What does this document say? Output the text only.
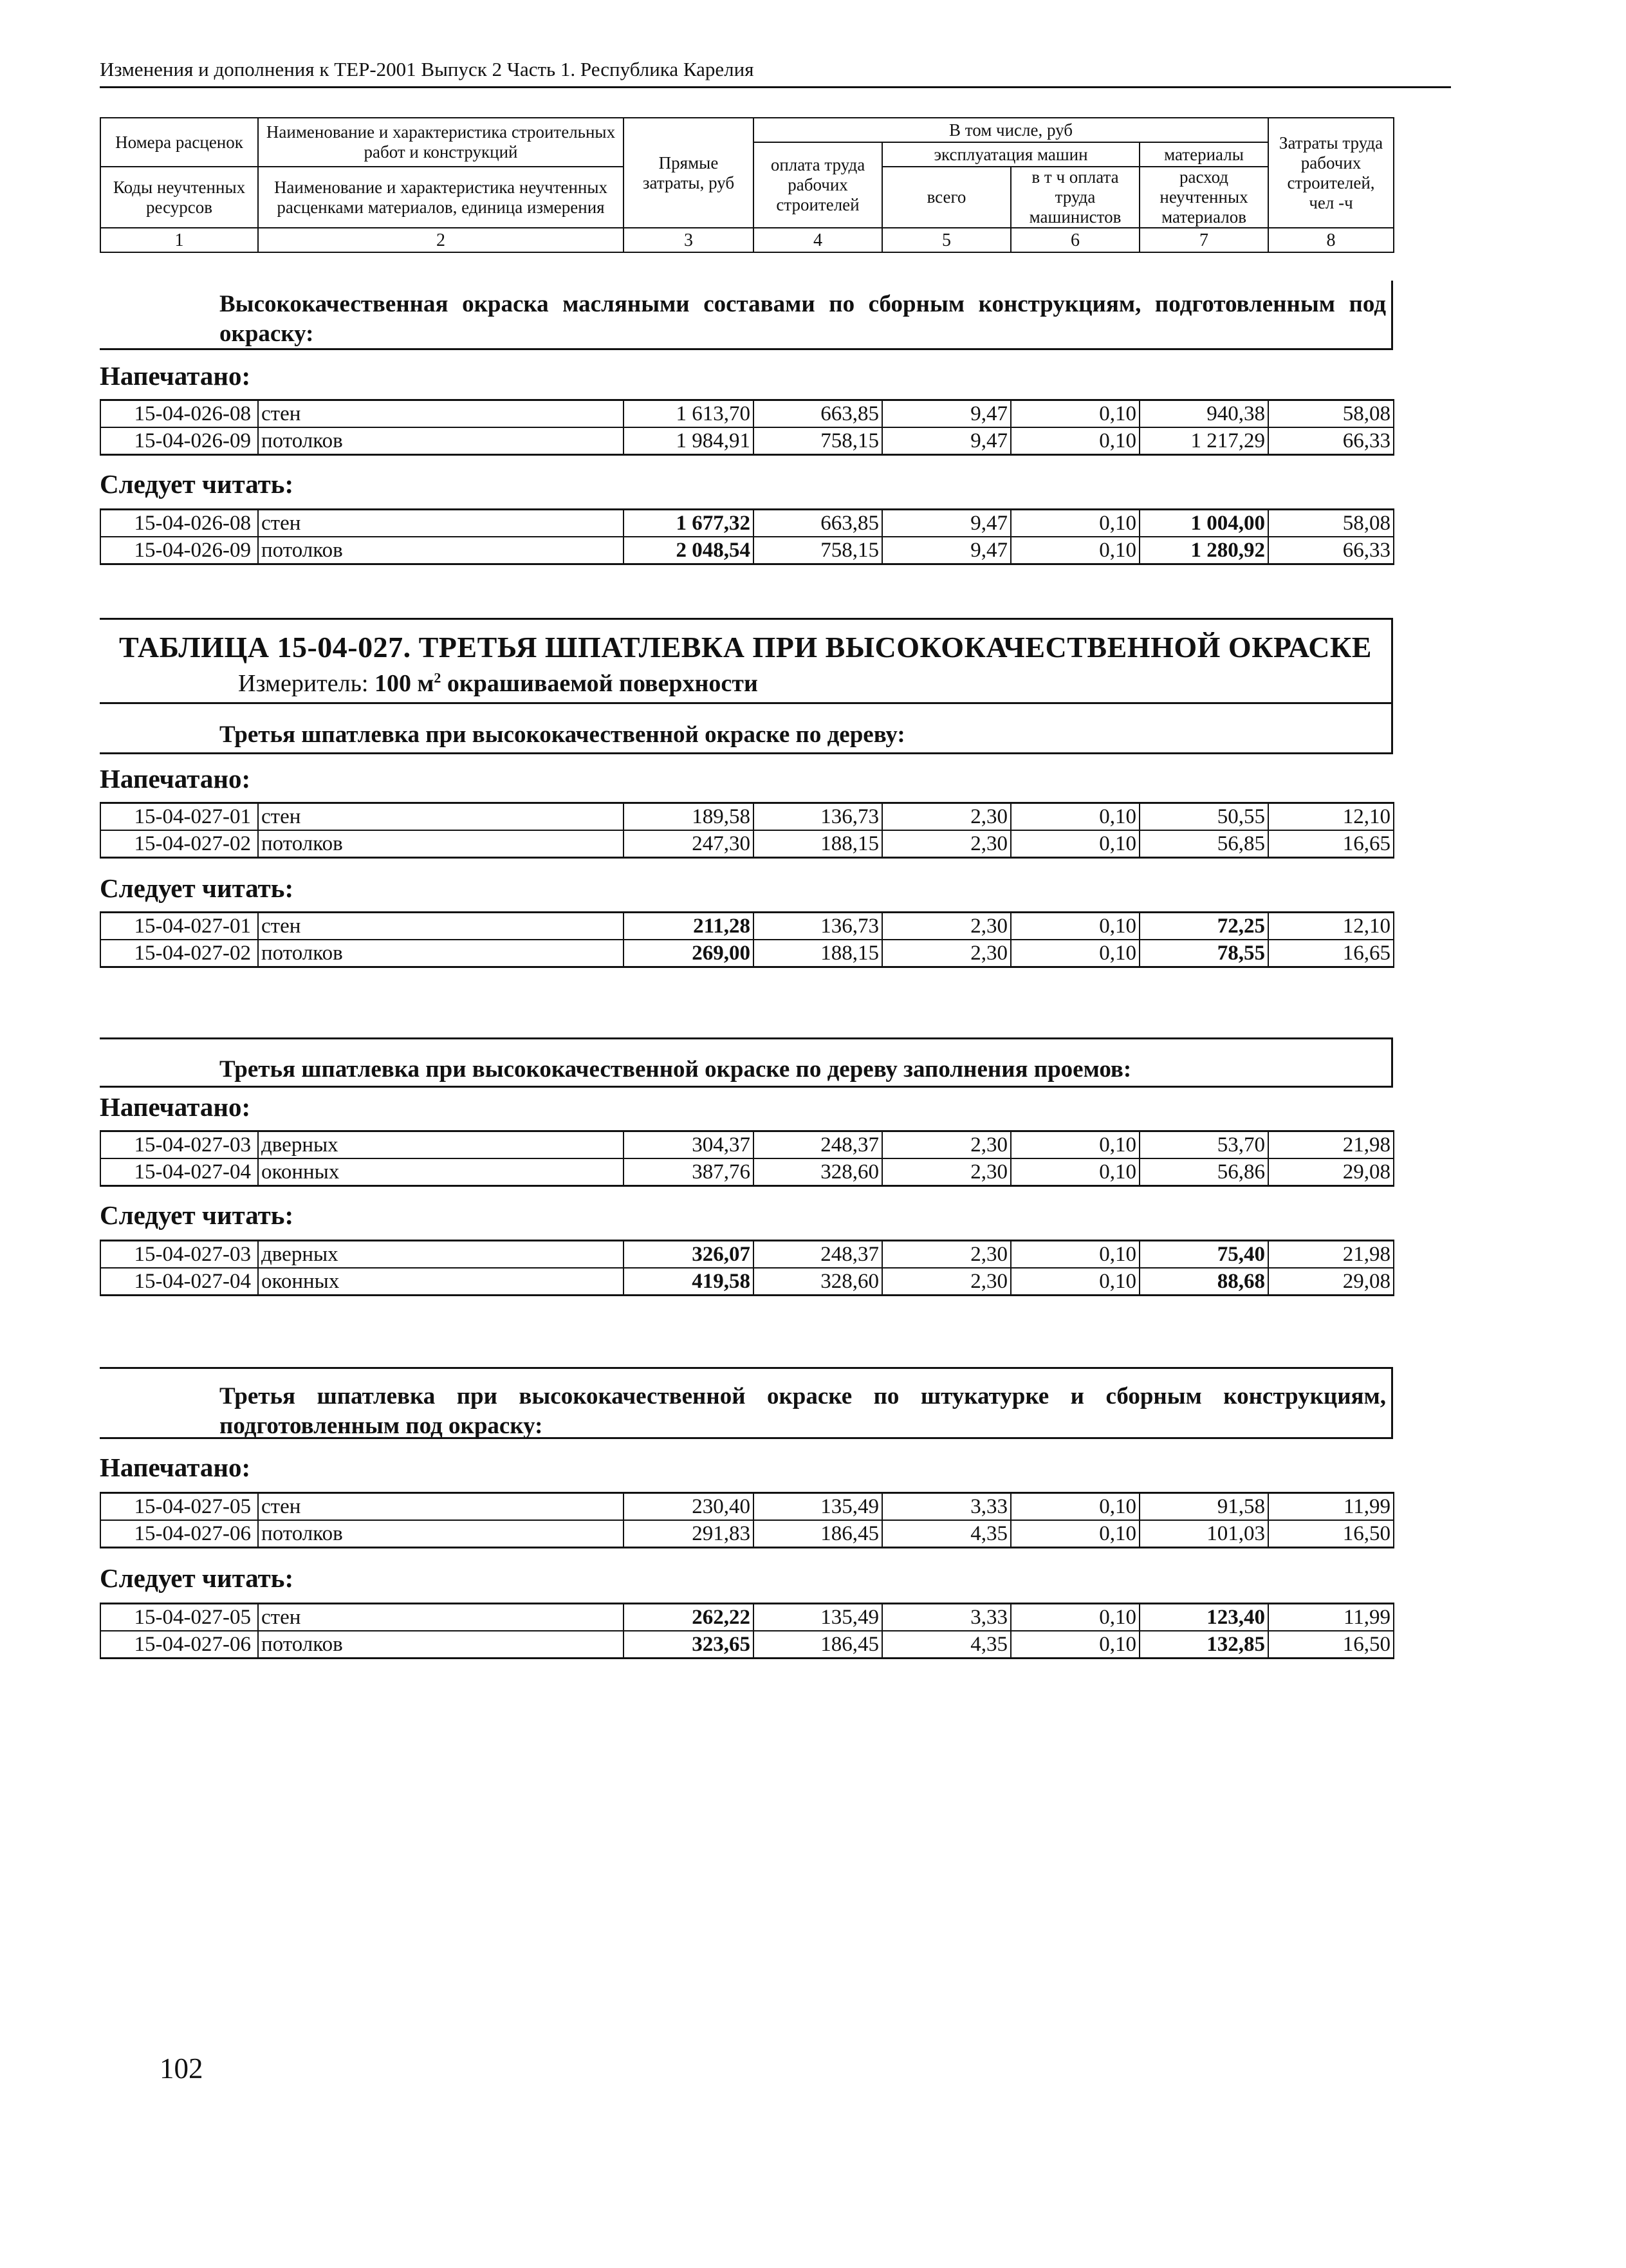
Изменения и дополнения к ТЕР-2001 Выпуск 2 Часть 1. Республика Карелия
Номера расценок	Наименование и характеристика строительных работ и конструкций	Прямые затраты, руб	В том числе, руб				Затраты труда рабочих строителей, чел -ч
			оплата труда рабочих строителей	эксплуатация машин		материалы	
Коды неучтенных ресурсов	Наименование и характеристика неучтенных расценками материалов, единица измерения			всего	в т ч оплата труда машинистов	расход неучтенных материалов	

1	2	3	4	5	6	7	8
Высококачественная окраска масляными составами по сборным конструкциям, подготовленным под окраску:
Напечатано:
15-04-026-08	стен	1 613,70	663,85	9,47	0,10	940,38	58,08
15-04-026-09	потолков	1 984,91	758,15	9,47	0,10	1 217,29	66,33
Следует читать:
15-04-026-08	стен	1 677,32	663,85	9,47	0,10	1 004,00	58,08
15-04-026-09	потолков	2 048,54	758,15	9,47	0,10	1 280,92	66,33
ТАБЛИЦА 15-04-027. ТРЕТЬЯ ШПАТЛЕВКА ПРИ ВЫСОКОКАЧЕСТВЕННОЙ ОКРАСКЕ
Измеритель: 100 $м^2$ окрашиваемой поверхности
Третья шпатлевка при высококачественной окраске по дереву:
Напечатано:
15-04-027-01	стен	189,58	136,73	2,30	0,10	50,55	12,10
15-04-027-02	потолков	247,30	188,15	2,30	0,10	56,85	16,65
Следует читать:
15-04-027-01	стен	211,28	136,73	2,30	0,10	72,25	12,10
15-04-027-02	потолков	269,00	188,15	2,30	0,10	78,55	16,65
Третья шпатлевка при высококачественной окраске по дереву заполнения проемов:
Напечатано:
15-04-027-03	дверных	304,37	248,37	2,30	0,10	53,70	21,98
15-04-027-04	оконных	387,76	328,60	2,30	0,10	56,86	29,08
Следует читать:
15-04-027-03	дверных	326,07	248,37	2,30	0,10	75,40	21,98
15-04-027-04	оконных	419,58	328,60	2,30	0,10	88,68	29,08
Третья шпатлевка при высококачественной окраске по штукатурке и сборным конструкциям, подготовленным под окраску:
Напечатано:
15-04-027-05	стен	230,40	135,49	3,33	0,10	91,58	11,99
15-04-027-06	потолков	291,83	186,45	4,35	0,10	101,03	16,50
Следует читать:
15-04-027-05	стен	262,22	135,49	3,33	0,10	123,40	11,99
15-04-027-06	потолков	323,65	186,45	4,35	0,10	132,85	16,50
102
